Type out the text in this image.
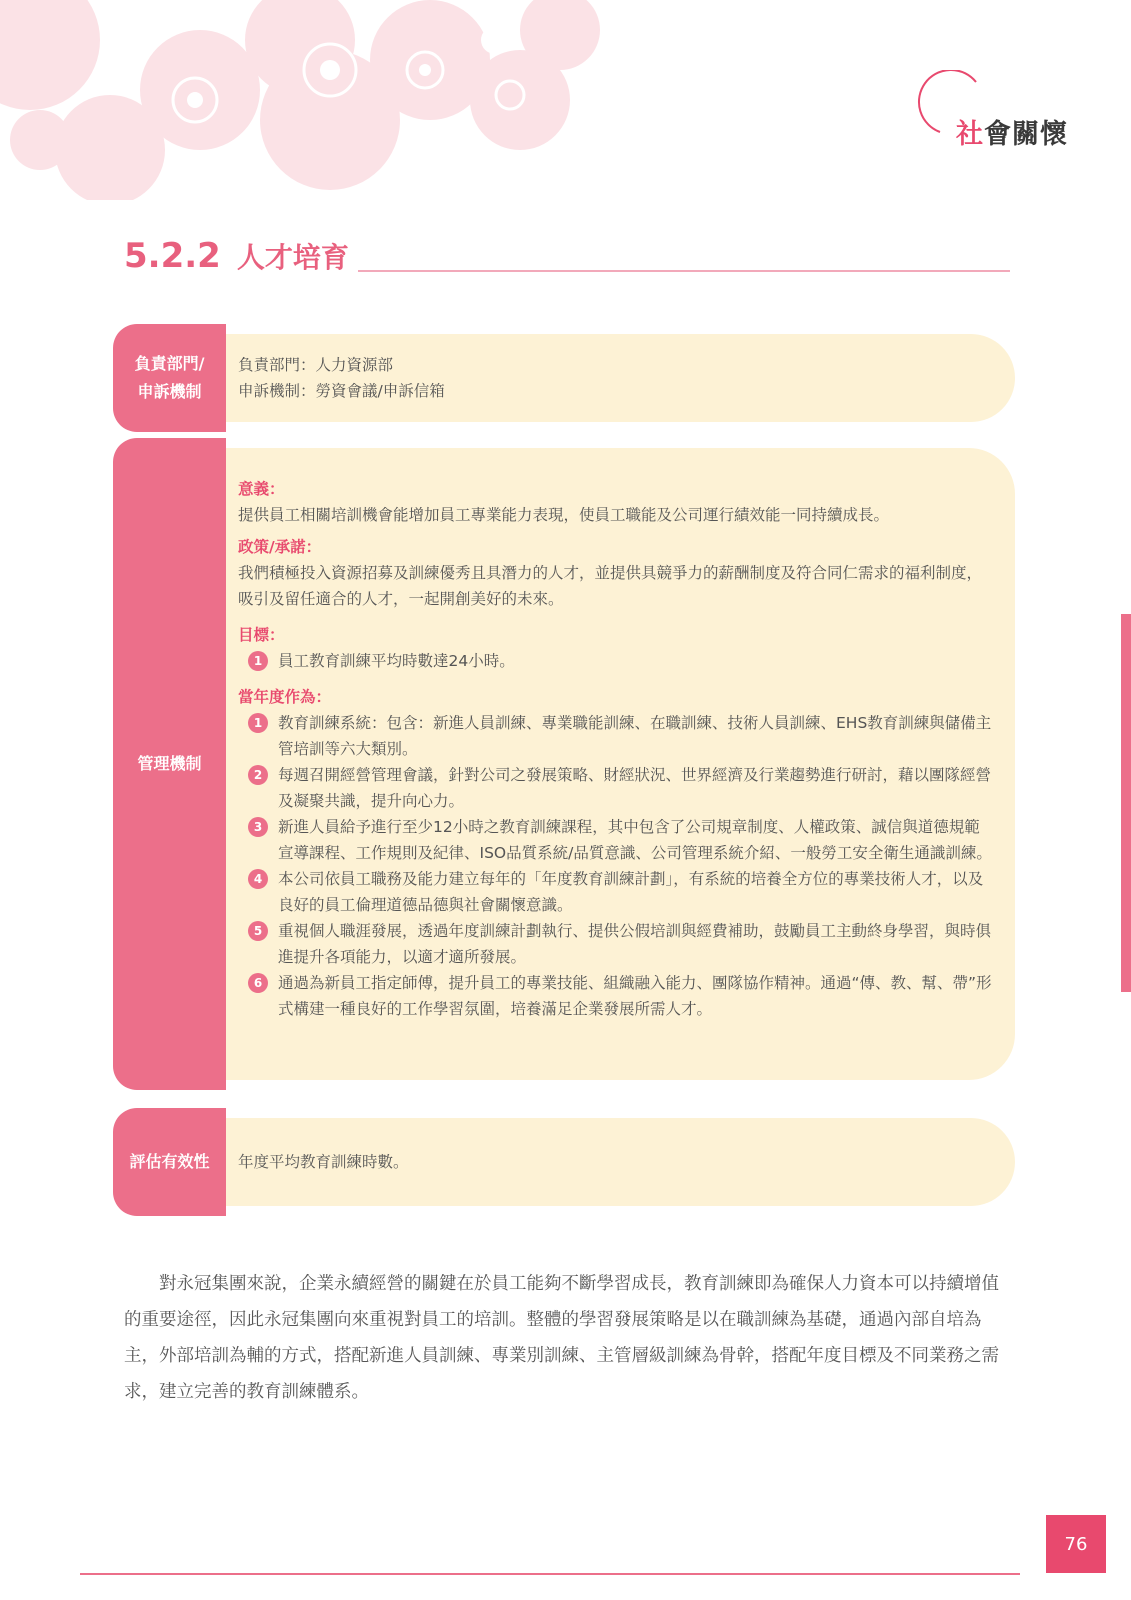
社會關懷
5.2.2 人才培育
負責部門/
申訴機制
負責部門：人力資源部
申訴機制：勞資會議/申訴信箱
管理機制
意義：

提供員工相關培訓機會能增加員工專業能力表現，使員工職能及公司運行績效能一同持續成長。

政策/承諾：

我們積極投入資源招募及訓練優秀且具潛力的人才，並提供具競爭力的薪酬制度及符合同仁需求的福利制度，吸引及留任適合的人才，一起開創美好的未來。

目標：
1	員工教育訓練平均時數達24小時。
當年度作為：
1	教育訓練系統：包含：新進人員訓練、專業職能訓練、在職訓練、技術人員訓練、EHS教育訓練與儲備主管培訓等六大類別。
2	每週召開經營管理會議，針對公司之發展策略、財經狀況、世界經濟及行業趨勢進行研討，藉以團隊經營及凝聚共識，提升向心力。
3	新進人員給予進行至少12小時之教育訓練課程，其中包含了公司規章制度、人權政策、誠信與道德規範宣導課程、工作規則及紀律、ISO品質系統/品質意識、公司管理系統介紹、一般勞工安全衛生通識訓練。
4	本公司依員工職務及能力建立每年的「年度教育訓練計劃」，有系統的培養全方位的專業技術人才，以及良好的員工倫理道德品德與社會關懷意識。
5	重視個人職涯發展，透過年度訓練計劃執行、提供公假培訓與經費補助，鼓勵員工主動終身學習，與時俱進提升各項能力，以適才適所發展。
6	通過為新員工指定師傅，提升員工的專業技能、組織融入能力、團隊協作精神。通過“傳、教、幫、帶”形式構建一種良好的工作學習氛圍，培養滿足企業發展所需人才。
評估有效性 年度平均教育訓練時數。
對永冠集團來說，企業永續經營的關鍵在於員工能夠不斷學習成長，教育訓練即為確保人力資本可以持續增值的重要途徑，因此永冠集團向來重視對員工的培訓。整體的學習發展策略是以在職訓練為基礎，通過內部自培為主，外部培訓為輔的方式，搭配新進人員訓練、專業別訓練、主管層級訓練為骨幹，搭配年度目標及不同業務之需求，建立完善的教育訓練體系。
76
